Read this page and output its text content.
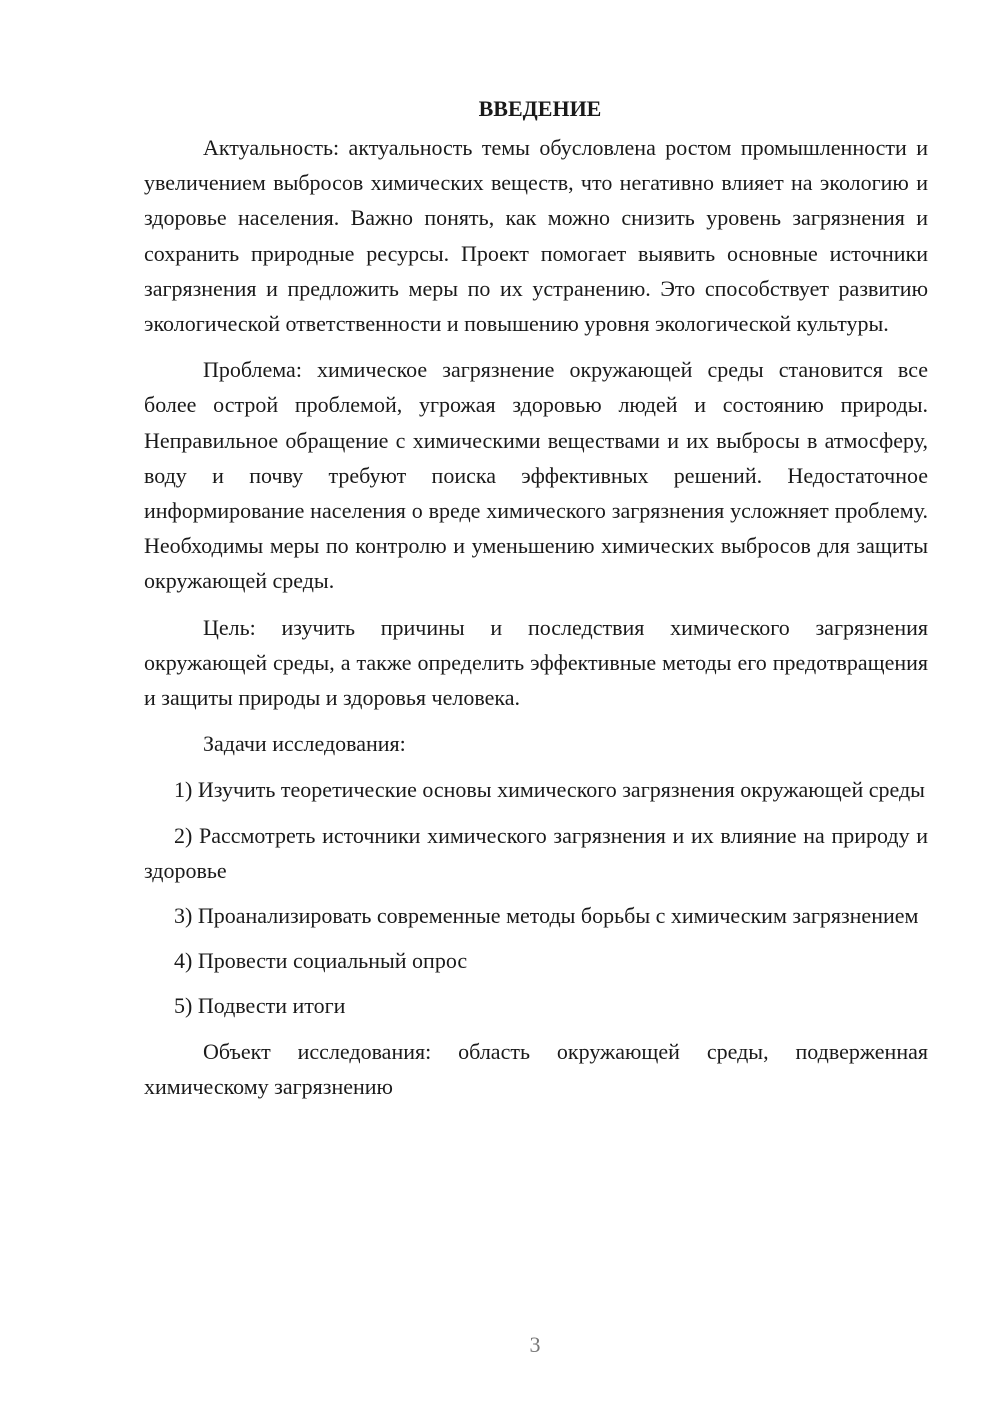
ВВЕДЕНИЕ

Актуальность: актуальность темы обусловлена ростом промышленности и увеличением выбросов химических веществ, что негативно влияет на экологию и здоровье населения. Важно понять, как можно снизить уровень загрязнения и сохранить природные ресурсы. Проект помогает выявить основные источники загрязнения и предложить меры по их устранению. Это способствует развитию экологической ответственности и повышению уровня экологической культуры.

Проблема: химическое загрязнение окружающей среды становится все более острой проблемой, угрожая здоровью людей и состоянию природы. Неправильное обращение с химическими веществами и их выбросы в атмосферу, воду и почву требуют поиска эффективных решений. Недостаточное информирование населения о вреде химического загрязнения усложняет проблему. Необходимы меры по контролю и уменьшению химических выбросов для защиты окружающей среды.

Цель: изучить причины и последствия химического загрязнения окружающей среды, а также определить эффективные методы его предотвращения и защиты природы и здоровья человека.

Задачи исследования:

1) Изучить теоретические основы химического загрязнения окружающей среды

2) Рассмотреть источники химического загрязнения и их влияние на природу и здоровье

3) Проанализировать современные методы борьбы с химическим загрязнением

4) Провести социальный опрос

5) Подвести итоги

Объект исследования: область окружающей среды, подверженная химическому загрязнению

3
